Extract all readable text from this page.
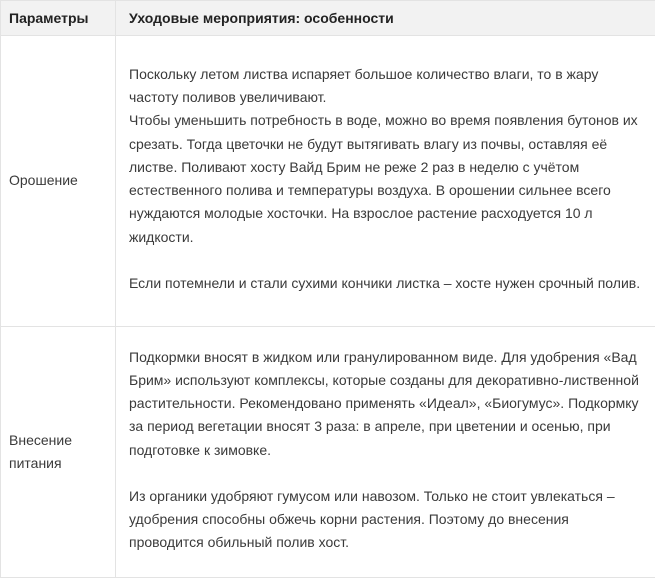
Параметры	Уходовые мероприятия: особенности
Орошение	Поскольку летом листва испаряет большое количество влаги, то в жару частоту поливов увеличивают.

Чтобы уменьшить потребность в воде, можно во время появления бутонов их срезать. Тогда цветочки не будут вытягивать влагу из почвы, оставляя её листве. Поливают хосту Вайд Брим не реже 2 раз в неделю с учётом естественного полива и температуры воздуха. В орошении сильнее всего нуждаются молодые хосточки. На взрослое растение расходуется 10 л жидкости.

Если потемнели и стали сухими кончики листка – хосте нужен срочный полив.

Внесение питания	Подкормки вносят в жидком или гранулированном виде. Для удобрения «Вад Брим» используют комплексы, которые созданы для декоративно-лиственной растительности. Рекомендовано применять «Идеал», «Биогумус». Подкормку за период вегетации вносят 3 раза: в апреле, при цветении и осенью, при подготовке к зимовке.

Из органики удобряют гумусом или навозом. Только не стоит увлекаться – удобрения способны обжечь корни растения. Поэтому до внесения проводится обильный полив хост.
